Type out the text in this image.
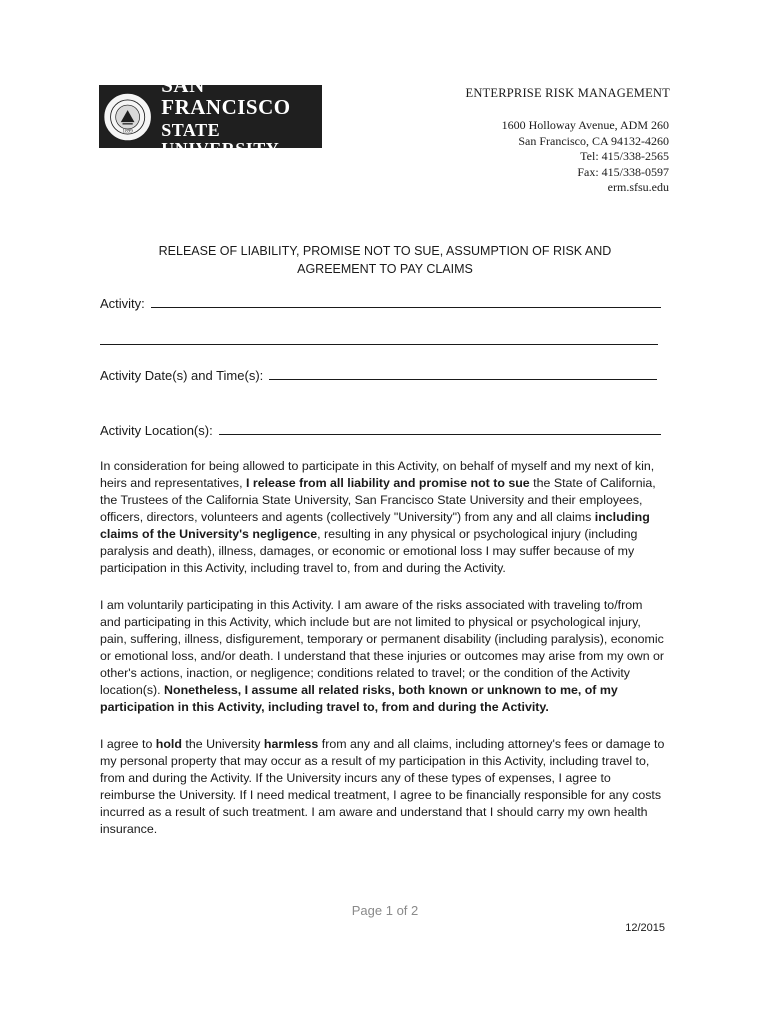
1899
SAN FRANCISCO
STATE UNIVERSITY
ENTERPRISE RISK MANAGEMENT
1600 Holloway Avenue, ADM 260
San Francisco, CA 94132-4260
Tel: 415/338-2565
Fax: 415/338-0597
erm.sfsu.edu
RELEASE OF LIABILITY, PROMISE NOT TO SUE, ASSUMPTION OF RISK AND
AGREEMENT TO PAY CLAIMS
Activity:
Activity Date(s) and Time(s):
Activity Location(s):
In consideration for being allowed to participate in this Activity, on behalf of myself and my next of kin, heirs and representatives, I release from all liability and promise not to sue the State of California, the Trustees of the California State University, San Francisco State University and their employees, officers, directors, volunteers and agents (collectively "University") from any and all claims including claims of the University's negligence, resulting in any physical or psychological injury (including paralysis and death), illness, damages, or economic or emotional loss I may suffer because of my participation in this Activity, including travel to, from and during the Activity.
I am voluntarily participating in this Activity. I am aware of the risks associated with traveling to/from and participating in this Activity, which include but are not limited to physical or psychological injury, pain, suffering, illness, disfigurement, temporary or permanent disability (including paralysis), economic or emotional loss, and/or death. I understand that these injuries or outcomes may arise from my own or other's actions, inaction, or negligence; conditions related to travel; or the condition of the Activity location(s). Nonetheless, I assume all related risks, both known or unknown to me, of my participation in this Activity, including travel to, from and during the Activity.
I agree to hold the University harmless from any and all claims, including attorney's fees or damage to my personal property that may occur as a result of my participation in this Activity, including travel to, from and during the Activity. If the University incurs any of these types of expenses, I agree to reimburse the University. If I need medical treatment, I agree to be financially responsible for any costs incurred as a result of such treatment. I am aware and understand that I should carry my own health insurance.
Page 1 of 2
12/2015
